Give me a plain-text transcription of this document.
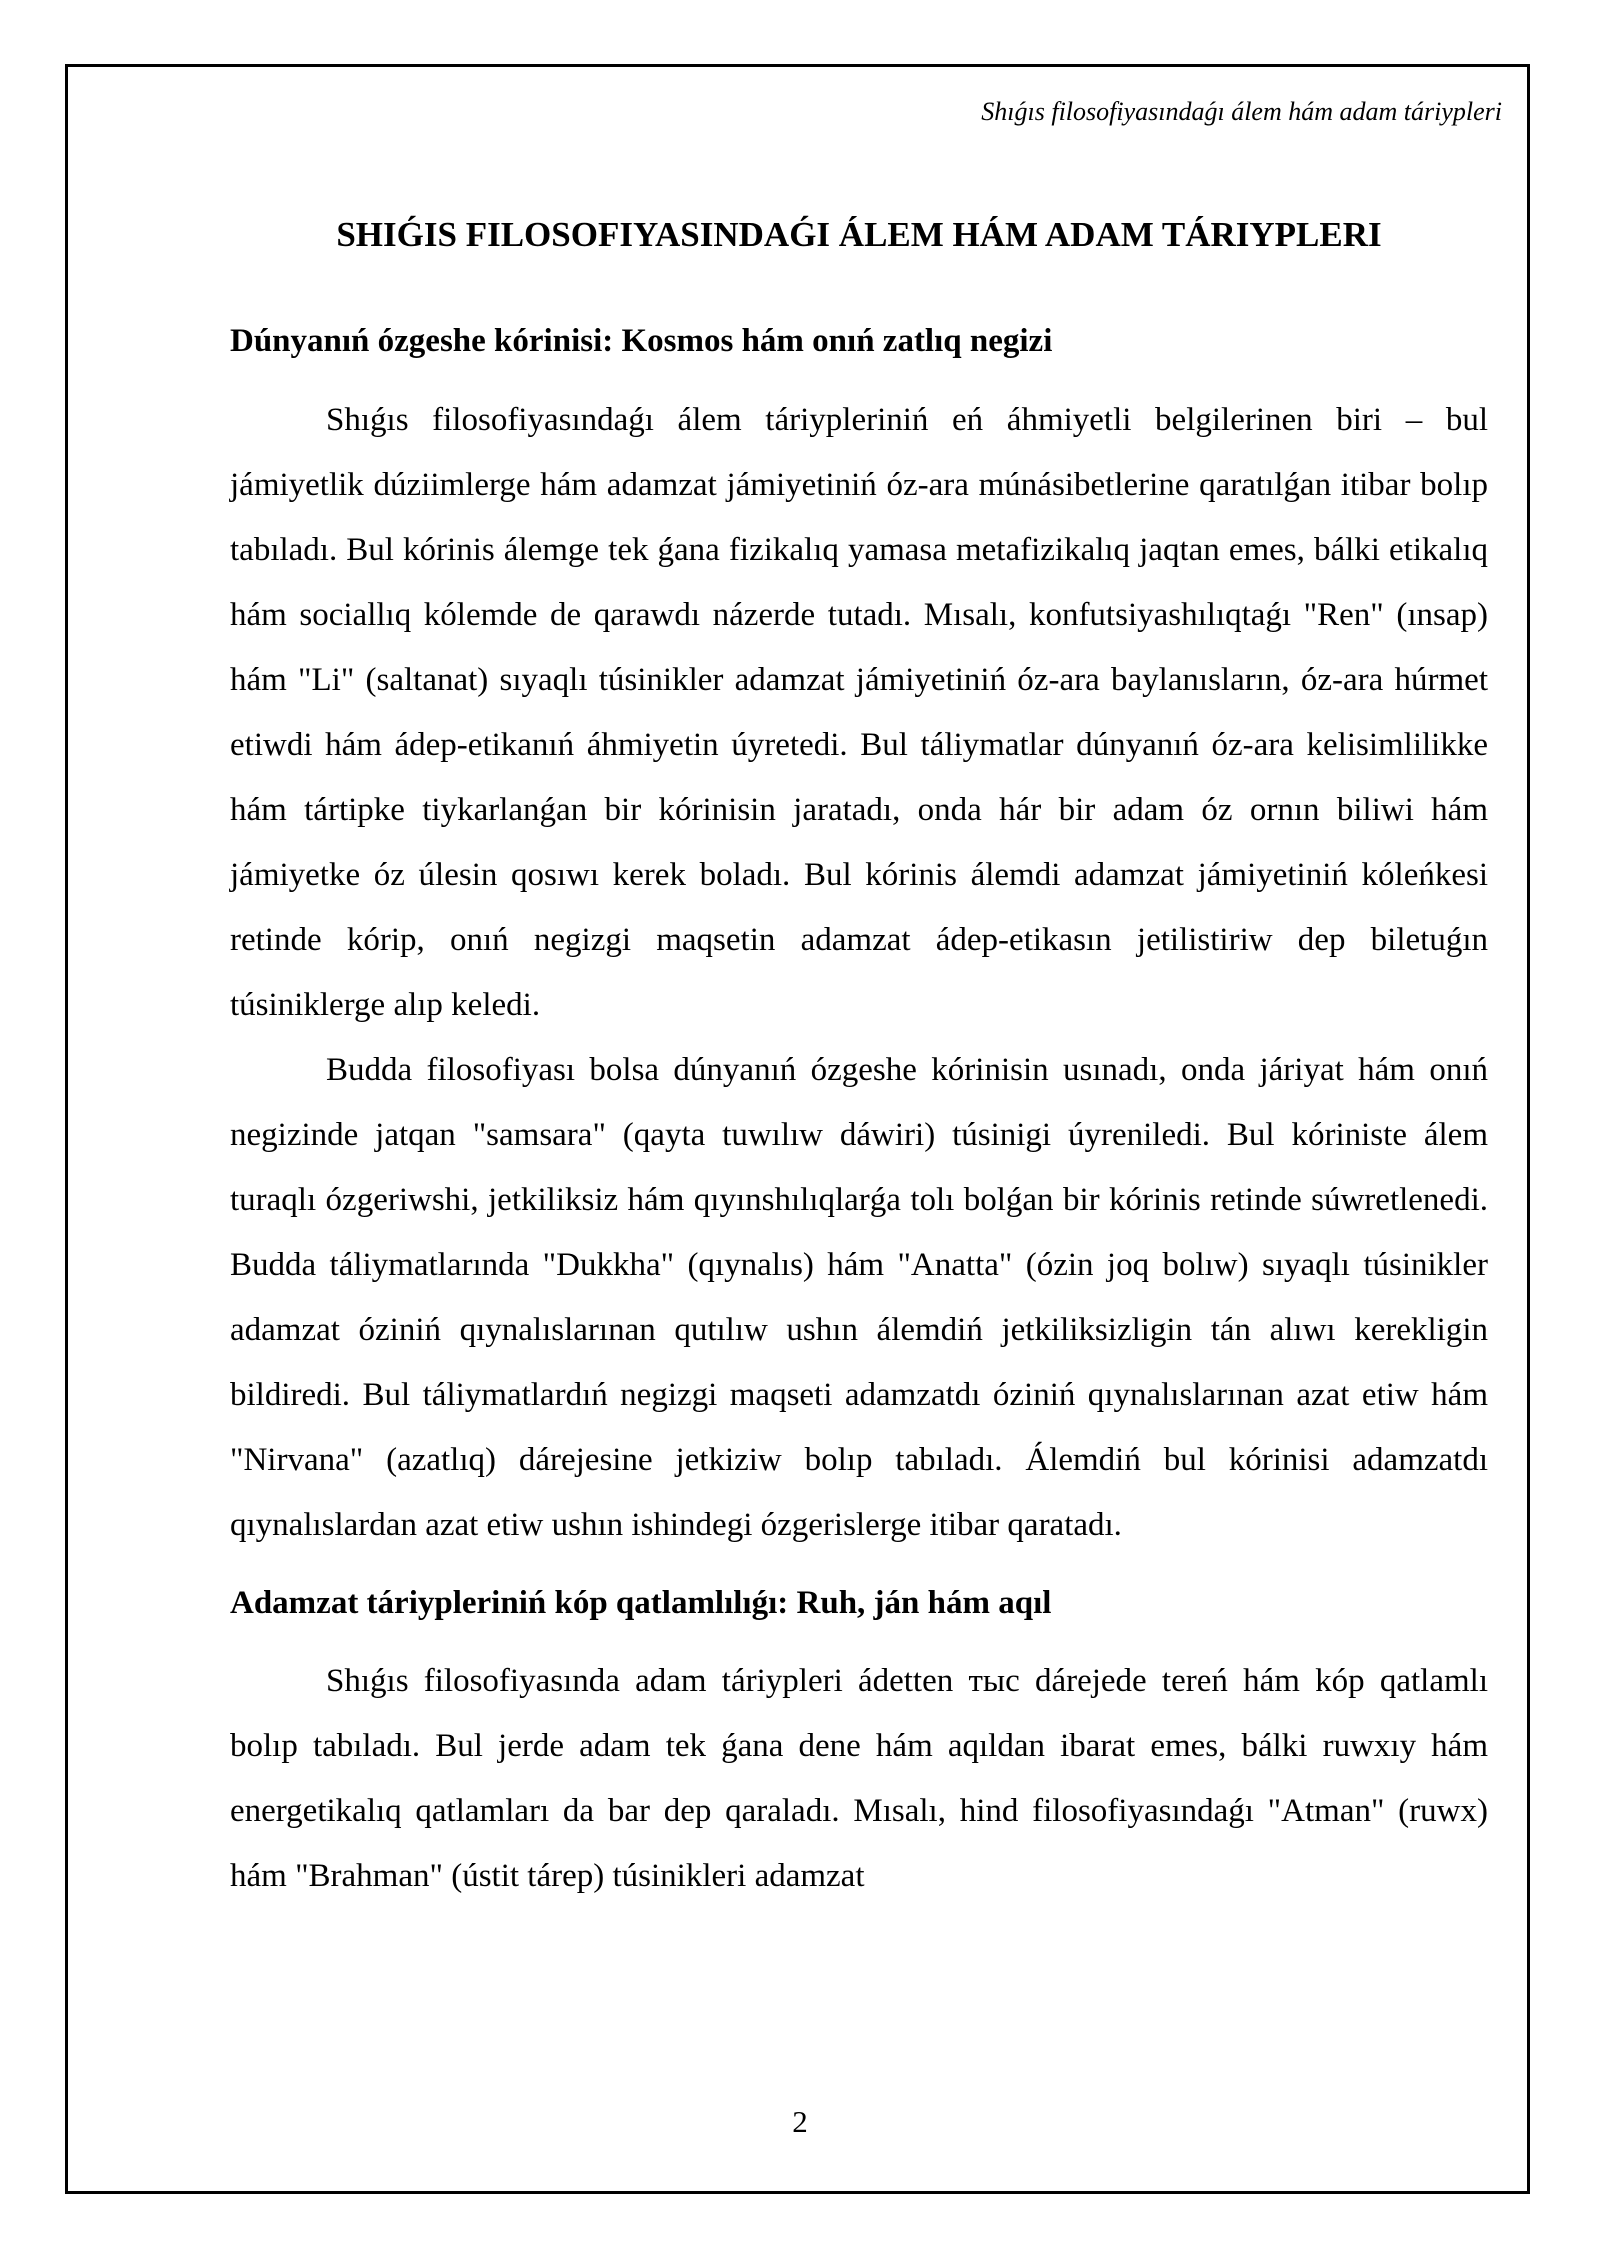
Shıǵıs filosofiyasındaǵı álem hám adam táriypleri
SHIǴIS FILOSOFIYASINDAǴI ÁLEM HÁM ADAM TÁRIYPLERI
Dúnyanıń ózgeshe kórinisi: Kosmos hám onıń zatlıq negizi

Shıǵıs filosofiyasındaǵı álem táriypleriniń eń áhmiyetli belgilerinen biri – bul jámiyetlik dúziimlerge hám adamzat jámiyetiniń óz-ara múnásibetlerine qaratılǵan itibar bolıp tabıladı. Bul kórinis álemge tek ǵana fizikalıq yamasa metafizikalıq jaqtan emes, bálki etikalıq hám sociallıq kólemde de qarawdı názerde tutadı. Mısalı, konfutsiyashılıqtaǵı "Ren" (ınsap) hám "Li" (saltanat) sıyaqlı túsinikler adamzat jámiyetiniń óz-ara baylanısların, óz-ara húrmet etiwdi hám ádep-etikanıń áhmiyetin úyretedi. Bul táliymatlar dúnyanıń óz-ara kelisimlilikke hám tártipke tiykarlanǵan bir kórinisin jaratadı, onda hár bir adam óz ornın biliwi hám jámiyetke óz úlesin qosıwı kerek boladı. Bul kórinis álemdi adamzat jámiyetiniń kóleńkesi retinde kórip, onıń negizgi maqsetin adamzat ádep-etikasın jetilistiriw dep biletuǵın túsiniklerge alıp keledi.

Budda filosofiyası bolsa dúnyanıń ózgeshe kórinisin usınadı, onda járiyat hám onıń negizinde jatqan "samsara" (qayta tuwılıw dáwiri) túsinigi úyreniledi. Bul kóriniste álem turaqlı ózgeriwshi, jetkiliksiz hám qıyınshılıqlarǵa tolı bolǵan bir kórinis retinde súwretlenedi. Budda táliymatlarında "Dukkha" (qıynalıs) hám "Anatta" (ózin joq bolıw) sıyaqlı túsinikler adamzat óziniń qıynalıslarınan qutılıw ushın álemdiń jetkiliksizligin tán alıwı kerekligin bildiredi. Bul táliymatlardıń negizgi maqseti adamzatdı óziniń qıynalıslarınan azat etiw hám "Nirvana" (azatlıq) dárejesine jetkiziw bolıp tabıladı. Álemdiń bul kórinisi adamzatdı qıynalıslardan azat etiw ushın ishindegi ózgerislerge itibar qaratadı.

Adamzat táriypleriniń kóp qatlamlılıǵı: Ruh, ján hám aqıl

Shıǵıs filosofiyasında adam táriypleri ádetten тыс dárejede tereń hám kóp qatlamlı bolıp tabıladı. Bul jerde adam tek ǵana dene hám aqıldan ibarat emes, bálki ruwxıy hám energetikalıq qatlamları da bar dep qaraladı. Mısalı, hind filosofiyasındaǵı "Atman" (ruwx) hám "Brahman" (ústit tárep) túsinikleri adamzat

2
